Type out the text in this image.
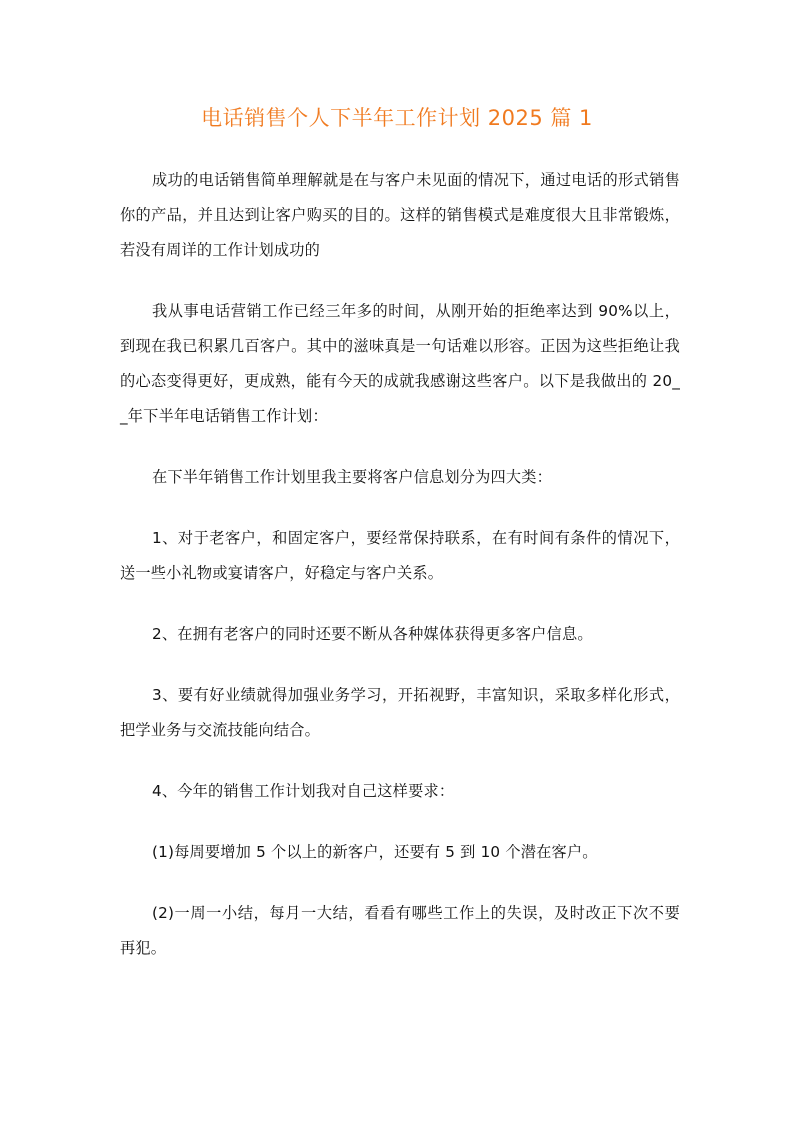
电话销售个人下半年工作计划 2025 篇 1

成功的电话销售简单理解就是在与客户未见面的情况下，通过电话的形式销售你的产品，并且达到让客户购买的目的。这样的销售模式是难度很大且非常锻炼，若没有周详的工作计划成功的

我从事电话营销工作已经三年多的时间，从刚开始的拒绝率达到 90%以上，到现在我已积累几百客户。其中的滋味真是一句话难以形容。正因为这些拒绝让我的心态变得更好，更成熟，能有今天的成就我感谢这些客户。以下是我做出的 20__年下半年电话销售工作计划：

在下半年销售工作计划里我主要将客户信息划分为四大类：

1、对于老客户，和固定客户，要经常保持联系，在有时间有条件的情况下，送一些小礼物或宴请客户，好稳定与客户关系。

2、在拥有老客户的同时还要不断从各种媒体获得更多客户信息。

3、要有好业绩就得加强业务学习，开拓视野，丰富知识，采取多样化形式，把学业务与交流技能向结合。

4、今年的销售工作计划我对自己这样要求：

(1)每周要增加 5 个以上的新客户，还要有 5 到 10 个潜在客户。

(2)一周一小结，每月一大结，看看有哪些工作上的失误，及时改正下次不要再犯。
